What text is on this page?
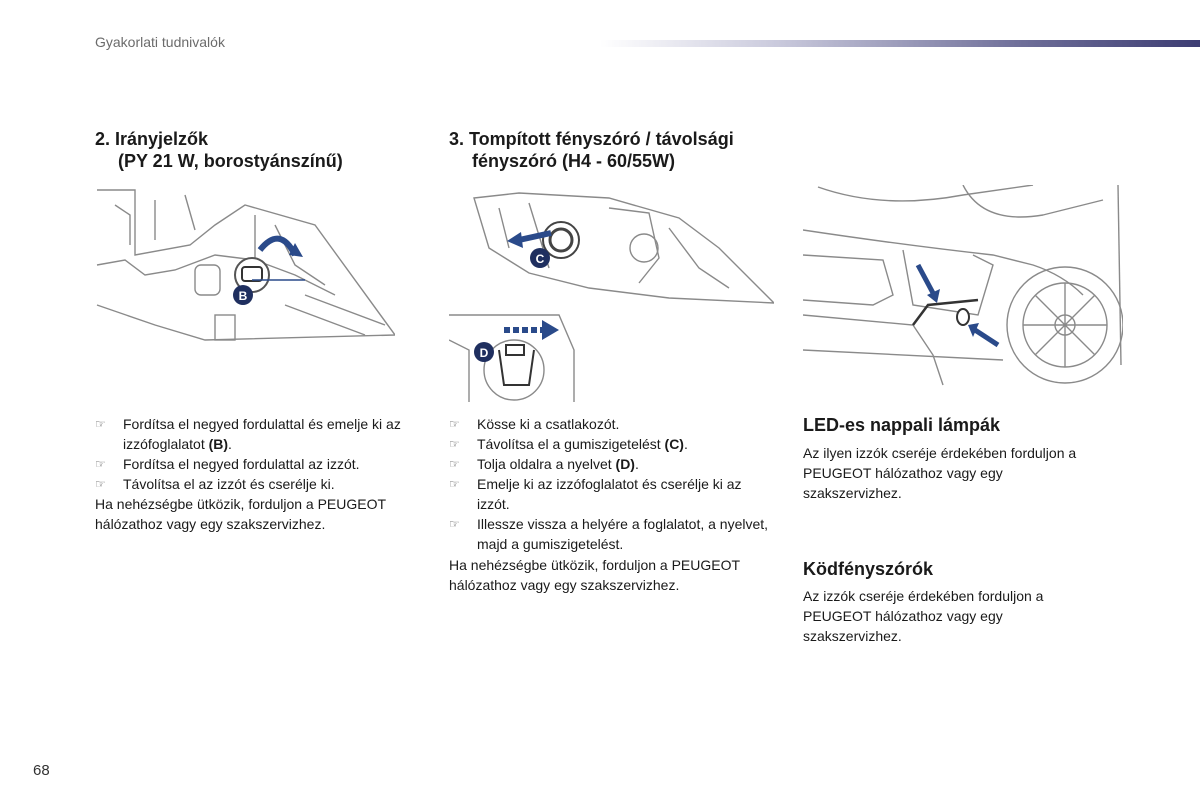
Gyakorlati tudnivalók
2. Irányjelzők
(PY 21 W, borostyánszínű)
B
☞ Fordítsa el negyed fordulattal és emelje ki az izzófoglalatot (B).
☞ Fordítsa el negyed fordulattal az izzót.
☞ Távolítsa el az izzót és cserélje ki.
Ha nehézségbe ütközik, forduljon a PEUGEOT hálózathoz vagy egy szakszervizhez.
3. Tompított fényszóró / távolsági
fényszóró (H4 - 60/55W)
C
D
☞ Kösse ki a csatlakozót.
☞ Távolítsa el a gumiszigetelést (C).
☞ Tolja oldalra a nyelvet (D).
☞ Emelje ki az izzófoglalatot és cserélje ki az izzót.
☞ Illessze vissza a helyére a foglalatot, a nyelvet, majd a gumiszigetelést.
Ha nehézségbe ütközik, forduljon a PEUGEOT hálózathoz vagy egy szakszervizhez.
LED-es nappali lámpák
Az ilyen izzók cseréje érdekében forduljon a PEUGEOT hálózathoz vagy egy szakszervizhez.
Ködfényszórók
Az izzók cseréje érdekében forduljon a PEUGEOT hálózathoz vagy egy szakszervizhez.
68
